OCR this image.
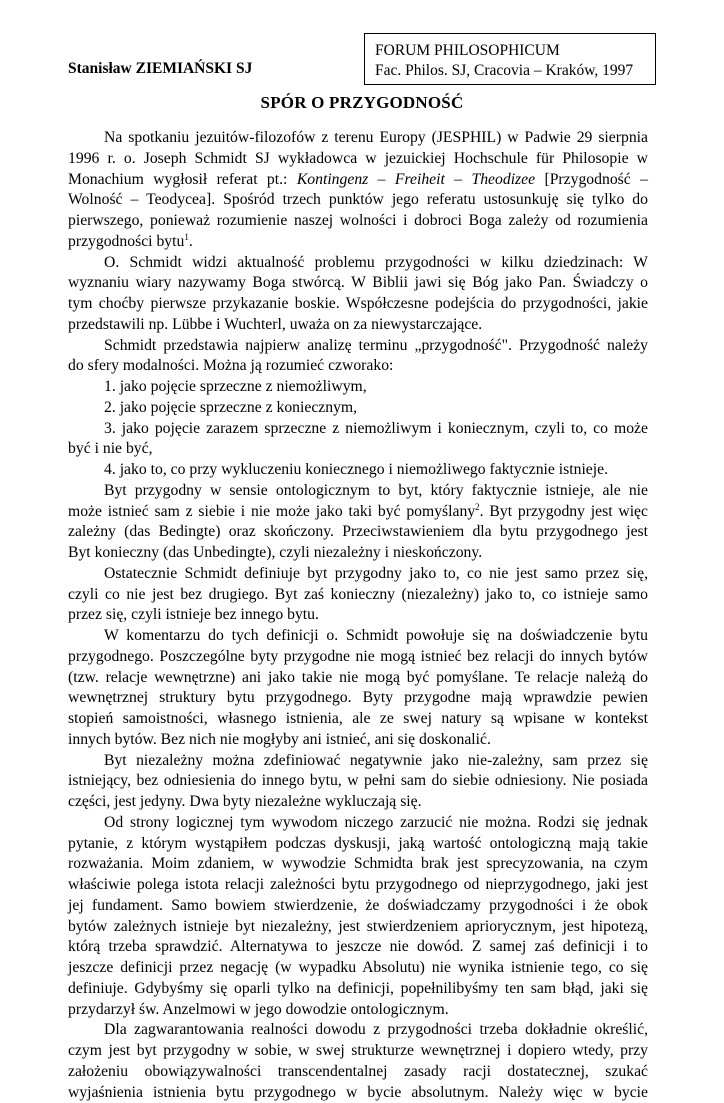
Stanisław ZIEMIAŃSKI SJ
FORUM PHILOSOPHICUM
Fac. Philos. SJ, Cracovia – Kraków, 1997
SPÓR O PRZYGODNOŚĆ
Na spotkaniu jezuitów-filozofów z terenu Europy (JESPHIL) w Padwie 29 sierpnia
1996 r. o. Joseph Schmidt SJ wykładowca w jezuickiej Hochschule für Philosopie w
Monachium wygłosił referat pt.: Kontingenz – Freiheit – Theodizee [Przygodność –
Wolność – Teodycea]. Spośród trzech punktów jego referatu ustosunkuję się tylko do
pierwszego, ponieważ rozumienie naszej wolności i dobroci Boga zależy od rozumienia
przygodności bytu$^1$.
O. Schmidt widzi aktualność problemu przygodności w kilku dziedzinach: W
wyznaniu wiary nazywamy Boga stwórcą. W Biblii jawi się Bóg jako Pan. Świadczy o
tym choćby pierwsze przykazanie boskie. Współczesne podejścia do przygodności, jakie
przedstawili np. Lübbe i Wuchterl, uważa on za niewystarczające.
Schmidt przedstawia najpierw analizę terminu „przygodność". Przygodność należy
do sfery modalności. Można ją rozumieć czworako:
1. jako pojęcie sprzeczne z niemożliwym,
2. jako pojęcie sprzeczne z koniecznym,
3. jako pojęcie zarazem sprzeczne z niemożliwym i koniecznym, czyli to, co może
być i nie być,
4. jako to, co przy wykluczeniu koniecznego i niemożliwego faktycznie istnieje.
Byt przygodny w sensie ontologicznym to byt, który faktycznie istnieje, ale nie
może istnieć sam z siebie i nie może jako taki być pomyślany$^2$. Byt przygodny jest więc
zależny (das Bedingte) oraz skończony. Przeciwstawieniem dla bytu przygodnego jest
Byt konieczny (das Unbedingte), czyli niezależny i nieskończony.
Ostatecznie Schmidt definiuje byt przygodny jako to, co nie jest samo przez się,
czyli co nie jest bez drugiego. Byt zaś konieczny (niezależny) jako to, co istnieje samo
przez się, czyli istnieje bez innego bytu.
W komentarzu do tych definicji o. Schmidt powołuje się na doświadczenie bytu
przygodnego. Poszczególne byty przygodne nie mogą istnieć bez relacji do innych bytów
(tzw. relacje wewnętrzne) ani jako takie nie mogą być pomyślane. Te relacje należą do
wewnętrznej struktury bytu przygodnego. Byty przygodne mają wprawdzie pewien
stopień samoistności, własnego istnienia, ale ze swej natury są wpisane w kontekst
innych bytów. Bez nich nie mogłyby ani istnieć, ani się doskonalić.
Byt niezależny można zdefiniować negatywnie jako nie-zależny, sam przez się
istniejący, bez odniesienia do innego bytu, w pełni sam do siebie odniesiony. Nie posiada
części, jest jedyny. Dwa byty niezależne wykluczają się.
Od strony logicznej tym wywodom niczego zarzucić nie można. Rodzi się jednak
pytanie, z którym wystąpiłem podczas dyskusji, jaką wartość ontologiczną mają takie
rozważania. Moim zdaniem, w wywodzie Schmidta brak jest sprecyzowania, na czym
właściwie polega istota relacji zależności bytu przygodnego od nieprzygodnego, jaki jest
jej fundament. Samo bowiem stwierdzenie, że doświadczamy przygodności i że obok
bytów zależnych istnieje byt niezależny, jest stwierdzeniem apriorycznym, jest hipotezą,
którą trzeba sprawdzić. Alternatywa to jeszcze nie dowód. Z samej zaś definicji i to
jeszcze definicji przez negację (w wypadku Absolutu) nie wynika istnienie tego, co się
definiuje. Gdybyśmy się oparli tylko na definicji, popełnilibyśmy ten sam błąd, jaki się
przydarzył św. Anzelmowi w jego dowodzie ontologicznym.
Dla zagwarantowania realności dowodu z przygodności trzeba dokładnie określić,
czym jest byt przygodny w sobie, w swej strukturze wewnętrznej i dopiero wtedy, przy
założeniu obowiązywalności transcendentalnej zasady racji dostatecznej, szukać
wyjaśnienia istnienia bytu przygodnego w bycie absolutnym. Należy więc w bycie
